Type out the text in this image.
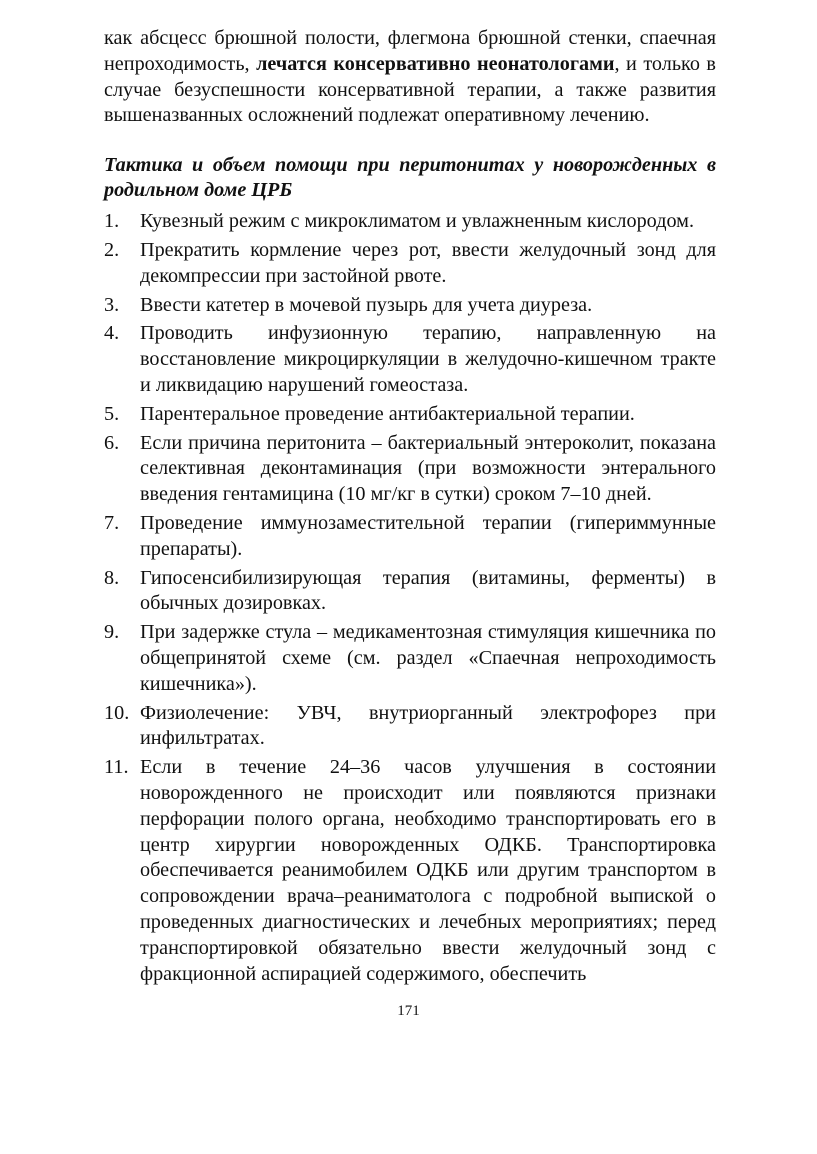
как абсцесс брюшной полости, флегмона брюшной стенки, спаечная непроходимость, лечатся консервативно неонатологами, и только в случае безуспешности консервативной терапии, а также развития вышеназванных осложнений подлежат оперативному лечению.

Тактика и объем помощи при перитонитах у новорожденных в родильном доме ЦРБ

1.	Кувезный режим с микроклиматом и увлажненным кислородом.
2.	Прекратить кормление через рот, ввести желудочный зонд для декомпрессии при застойной рвоте.
3.	Ввести катетер в мочевой пузырь для учета диуреза.
4.	Проводить инфузионную терапию, направленную на восстановление микроциркуляции в желудочно-кишечном тракте и ликвидацию нарушений гомеостаза.
5.	Парентеральное проведение антибактериальной терапии.
6.	Если причина перитонита – бактериальный энтероколит, показана селективная деконтаминация (при возможности энтерального введения гентамицина (10 мг/кг в сутки) сроком 7–10 дней.
7.	Проведение иммунозаместительной терапии (гипериммунные препараты).
8.	Гипосенсибилизирующая терапия (витамины, ферменты) в обычных дозировках.
9.	При задержке стула – медикаментозная стимуляция кишечника по общепринятой схеме (см. раздел «Спаечная непроходимость кишечника»).
10. Физиолечение: УВЧ, внутриорганный электрофорез при инфильтратах.
11. Если в течение 24–36 часов улучшения в состоянии новорожденного не происходит или появляются признаки перфорации полого органа, необходимо транспортировать его в центр хирургии новорожденных ОДКБ. Транспортировка обеспечивается реанимобилем ОДКБ или другим транспортом в сопровождении врача–реаниматолога с подробной выпиской о проведенных диагностических и лечебных мероприятиях; перед транспортировкой обязательно ввести желудочный зонд с фракционной аспирацией содержимого, обеспечить
171
